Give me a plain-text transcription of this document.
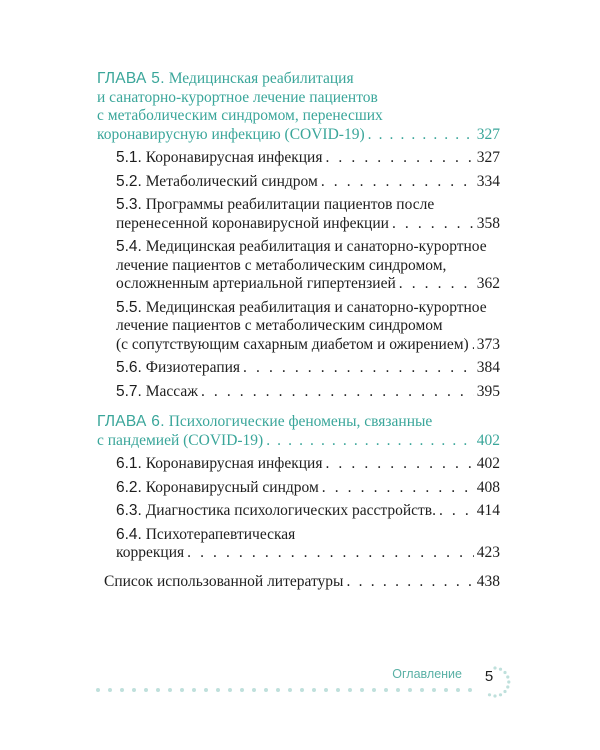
ГЛАВА 5. Медицинская реабилитация
и санаторно-курортное лечение пациентов
с метаболическим синдромом, перенесших
коронавирусную инфекцию (COVID-19) . . .	327
5.1. Коронавирусная инфекция . . .	327
5.2. Метаболический синдром . . .	334
5.3. Программы реабилитации пациентов после
перенесенной коронавирусной инфекции . . .	358
5.4. Медицинская реабилитация и санаторно-курортное
лечение пациентов с метаболическим синдромом,
осложненным артериальной гипертензией . . .	362
5.5. Медицинская реабилитация и санаторно-курортное
лечение пациентов с метаболическим синдромом
(с сопутствующим сахарным диабетом и ожирением) . . . 373
5.6. Физиотерапия . . .	384
5.7. Массаж . . .	395
ГЛАВА 6. Психологические феномены, связанные
с пандемией (COVID-19) . . .	402
6.1. Коронавирусная инфекция . . .	402
6.2. Коронавирусный синдром . . .	408
6.3. Диагностика психологических расстройств. . . .	414
6.4. Психотерапевтическая
коррекция . . .	423
Список использованной литературы . . .	438
Оглавление	5
